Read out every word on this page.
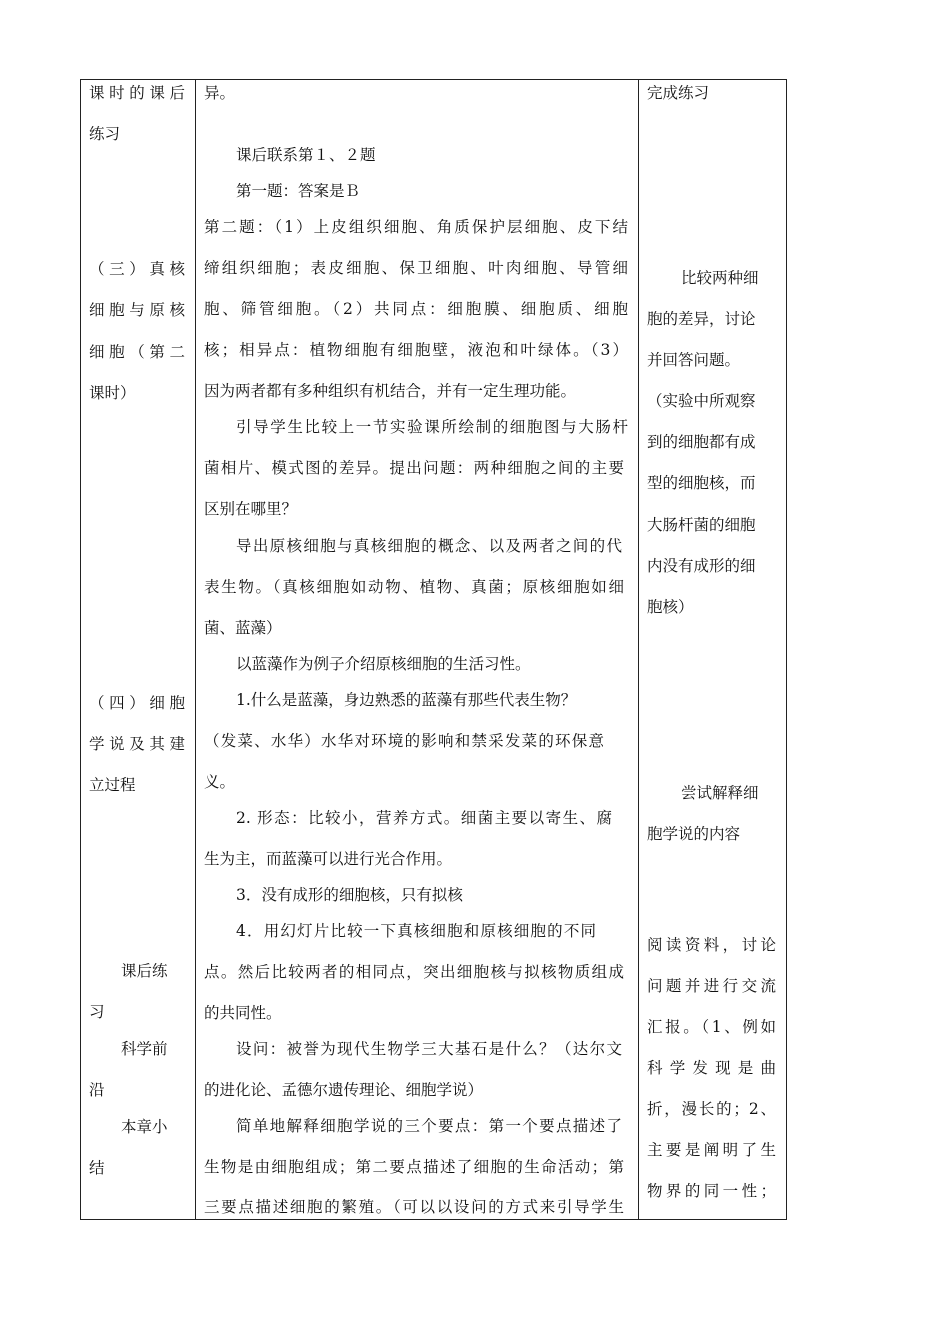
课时的课后
练习
（三）真核
细胞与原核
细胞（第二
课时）
（四）细胞
学说及其建
立过程
课后练
习
科学前
沿
本章小
结
异。
课后联系第１、２题
第一题：答案是Ｂ
第二题：（1）上皮组织细胞、角质保护层细胞、皮下结
缔组织细胞；表皮细胞、保卫细胞、叶肉细胞、导管细
胞、筛管细胞。（2）共同点：细胞膜、细胞质、细胞
核；相异点：植物细胞有细胞壁，液泡和叶绿体。（3）
因为两者都有多种组织有机结合，并有一定生理功能。
引导学生比较上一节实验课所绘制的细胞图与大肠杆
菌相片、模式图的差异。提出问题：两种细胞之间的主要
区别在哪里？
导出原核细胞与真核细胞的概念、以及两者之间的代
表生物。（真核细胞如动物、植物、真菌；原核细胞如细
菌、蓝藻）
以蓝藻作为例子介绍原核细胞的生活习性。
1.什么是蓝藻，身边熟悉的蓝藻有那些代表生物？
（发菜、水华）水华对环境的影响和禁采发菜的环保意
义。
2. 形态：比较小，营养方式。细菌主要以寄生、腐
生为主，而蓝藻可以进行光合作用。
3．没有成形的细胞核，只有拟核
4．用幻灯片比较一下真核细胞和原核细胞的不同
点。然后比较两者的相同点，突出细胞核与拟核物质组成
的共同性。
设问：被誉为现代生物学三大基石是什么？（达尔文
的进化论、孟德尔遗传理论、细胞学说）
简单地解释细胞学说的三个要点：第一个要点描述了
生物是由细胞组成；第二要点描述了细胞的生命活动；第
三要点描述细胞的繁殖。（可以以设问的方式来引导学生
完成练习
比较两种细
胞的差异，讨论
并回答问题。
（实验中所观察
到的细胞都有成
型的细胞核，而
大肠杆菌的细胞
内没有成形的细
胞核）
尝试解释细
胞学说的内容
阅读资料，讨论
问题并进行交流
汇报。（1、例如
科学发现是曲
折，漫长的；2、
主要是阐明了生
物界的同一性；
